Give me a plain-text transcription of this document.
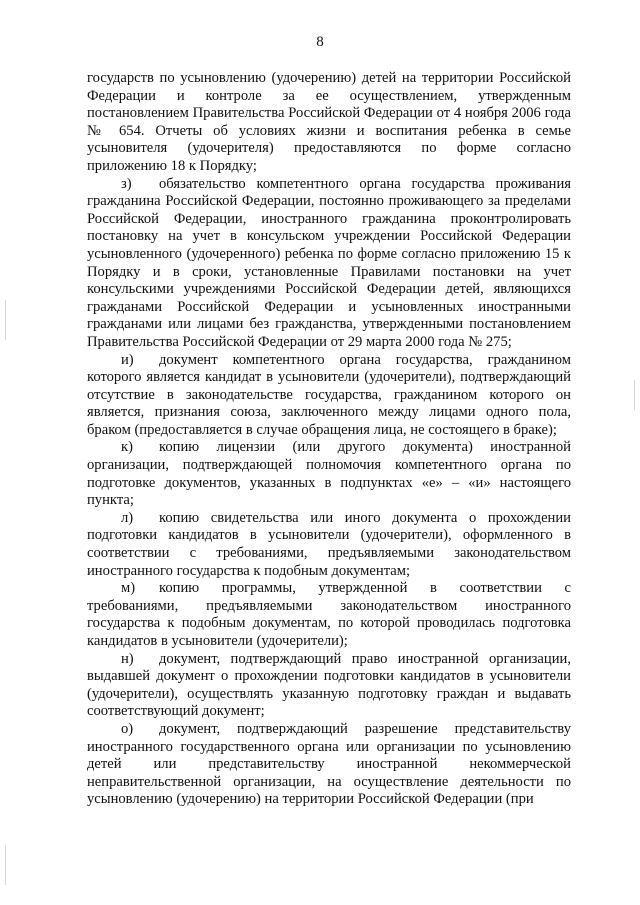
8

государств по усыновлению (удочерению) детей на территории Российской Федерации и контроле за ее осуществлением, утвержденным постановлением Правительства Российской Федерации от 4 ноября 2006 года № 654. Отчеты об условиях жизни и воспитания ребенка в семье усыновителя (удочерителя) предоставляются по форме согласно приложению 18 к Порядку;

з) обязательство компетентного органа государства проживания гражданина Российской Федерации, постоянно проживающего за пределами Российской Федерации, иностранного гражданина проконтролировать постановку на учет в консульском учреждении Российской Федерации усыновленного (удочеренного) ребенка по форме согласно приложению 15 к Порядку и в сроки, установленные Правилами постановки на учет консульскими учреждениями Российской Федерации детей, являющихся гражданами Российской Федерации и усыновленных иностранными гражданами или лицами без гражданства, утвержденными постановлением Правительства Российской Федерации от 29 марта 2000 года № 275;

и) документ компетентного органа государства, гражданином которого является кандидат в усыновители (удочерители), подтверждающий отсутствие в законодательстве государства, гражданином которого он является, признания союза, заключенного между лицами одного пола, браком (предоставляется в случае обращения лица, не состоящего в браке);

к) копию лицензии (или другого документа) иностранной организации, подтверждающей полномочия компетентного органа по подготовке документов, указанных в подпунктах «е» – «и» настоящего пункта;

л) копию свидетельства или иного документа о прохождении подготовки кандидатов в усыновители (удочерители), оформленного в соответствии с требованиями, предъявляемыми законодательством иностранного государства к подобным документам;

м) копию программы, утвержденной в соответствии с требованиями, предъявляемыми законодательством иностранного государства к подобным документам, по которой проводилась подготовка кандидатов в усыновители (удочерители);

н) документ, подтверждающий право иностранной организации, выдавшей документ о прохождении подготовки кандидатов в усыновители (удочерители), осуществлять указанную подготовку граждан и выдавать соответствующий документ;

о) документ, подтверждающий разрешение представительству иностранного государственного органа или организации по усыновлению детей или представительству иностранной некоммерческой неправительственной организации, на осуществление деятельности по усыновлению (удочерению) на территории Российской Федерации (при
